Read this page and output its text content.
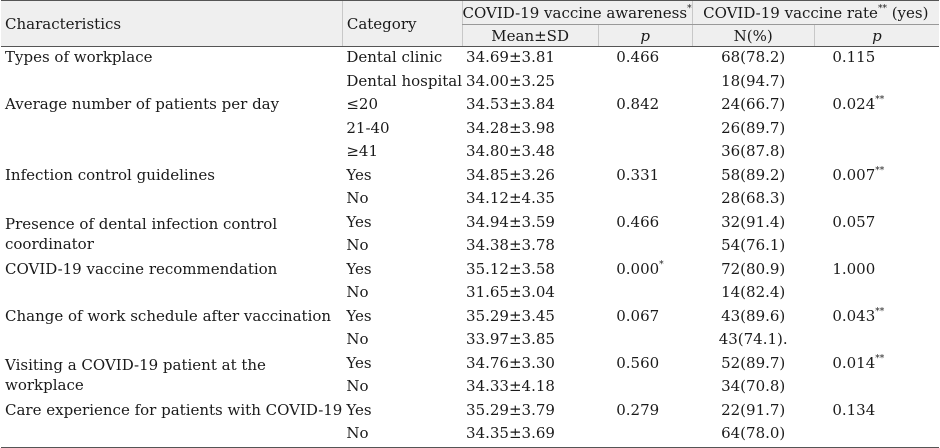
Characteristics	Category	COVID-19 vaccine awareness*		COVID-19 vaccine rate** (yes)	
		Mean±SD	p	N(%)	p
Types of workplace	Dental clinic	34.69±3.81	0.466	68(78.2)	0.115
	Dental hospital	34.00±3.25		18(94.7)	
Average number of patients per day	≤20	34.53±3.84	0.842	24(66.7)	0.024**
	21-40	34.28±3.98		26(89.7)	
	≥41	34.80±3.48		36(87.8)	
Infection control guidelines	Yes	34.85±3.26	0.331	58(89.2)	0.007**
	No	34.12±4.35		28(68.3)	
Presence of dental infection control coordinator	Yes	34.94±3.59	0.466	32(91.4)	0.057
	No	34.38±3.78		54(76.1)	
COVID-19 vaccine recommendation	Yes	35.12±3.58	0.000*	72(80.9)	1.000
	No	31.65±3.04		14(82.4)	
Change of work schedule after vaccination	Yes	35.29±3.45	0.067	43(89.6)	0.043**
	No	33.97±3.85		43(74.1).	
Visiting a COVID-19 patient at the workplace	Yes	34.76±3.30	0.560	52(89.7)	0.014**
	No	34.33±4.18		34(70.8)	
Care experience for patients with COVID-19	Yes	35.29±3.79	0.279	22(91.7)	0.134
	No	34.35±3.69		64(78.0)	
